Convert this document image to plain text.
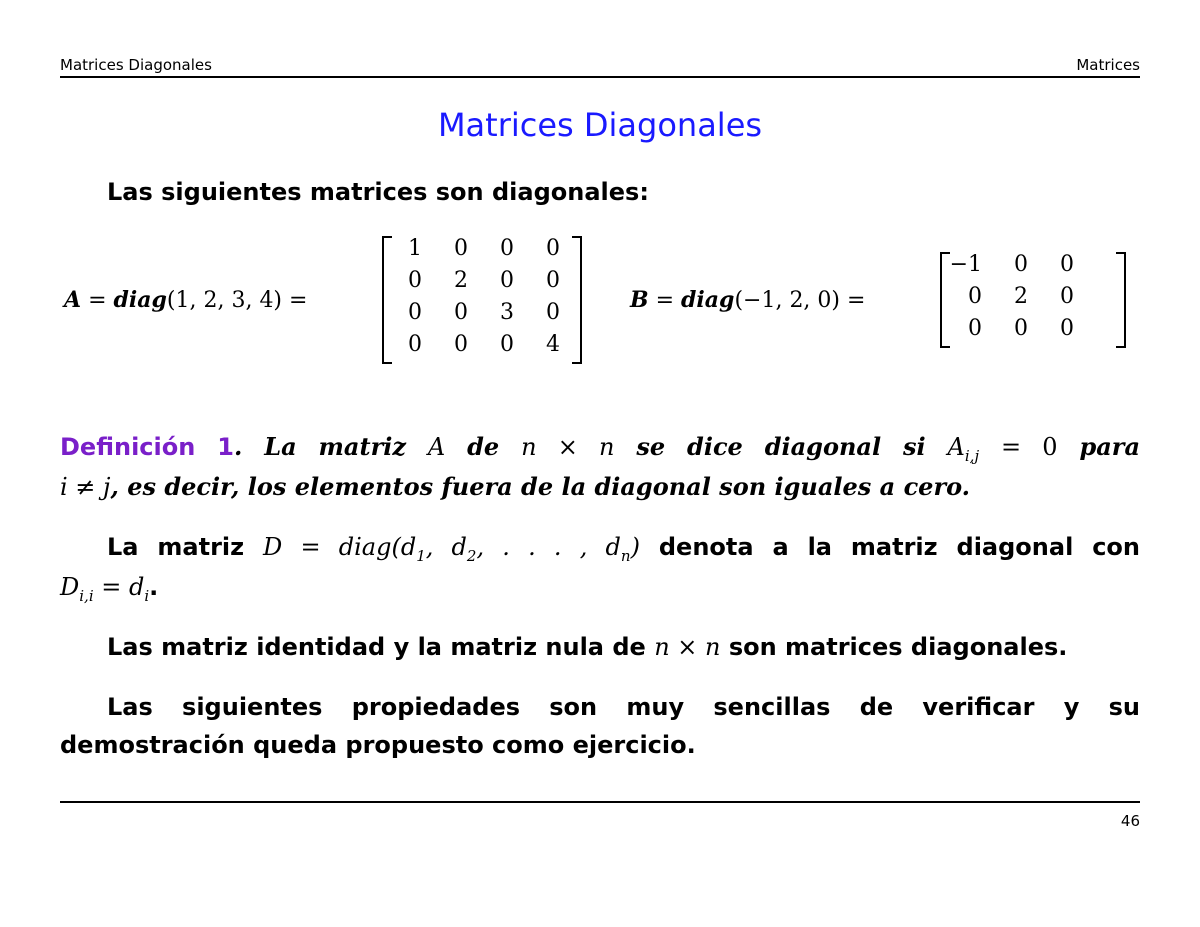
Matrices Diagonales	Matrices
Matrices Diagonales
Las siguientes matrices son diagonales:
A = diag(1, 2, 3, 4) =
1	0	0	0
0	2	0	0
0	0	3	0
0	0	0	4
B = diag(−1, 2, 0) =
−1	0	0
0	2	0
0	0	0
Definición 1. La matriz A de n × n se dice diagonal si $A_{i,j} = 0$ para
i ≠ j, es decir, los elementos fuera de la diagonal son iguales a cero.
La matriz $D = diag(d_1$, $d_2$, . . . , $d_n$) denota a la matriz diagonal con
$D_{i,i} = d_i$.
Las matriz identidad y la matriz nula de n × n son matrices diagonales.
Las siguientes propiedades son muy sencillas de verificar y su
demostración queda propuesto como ejercicio.
46
